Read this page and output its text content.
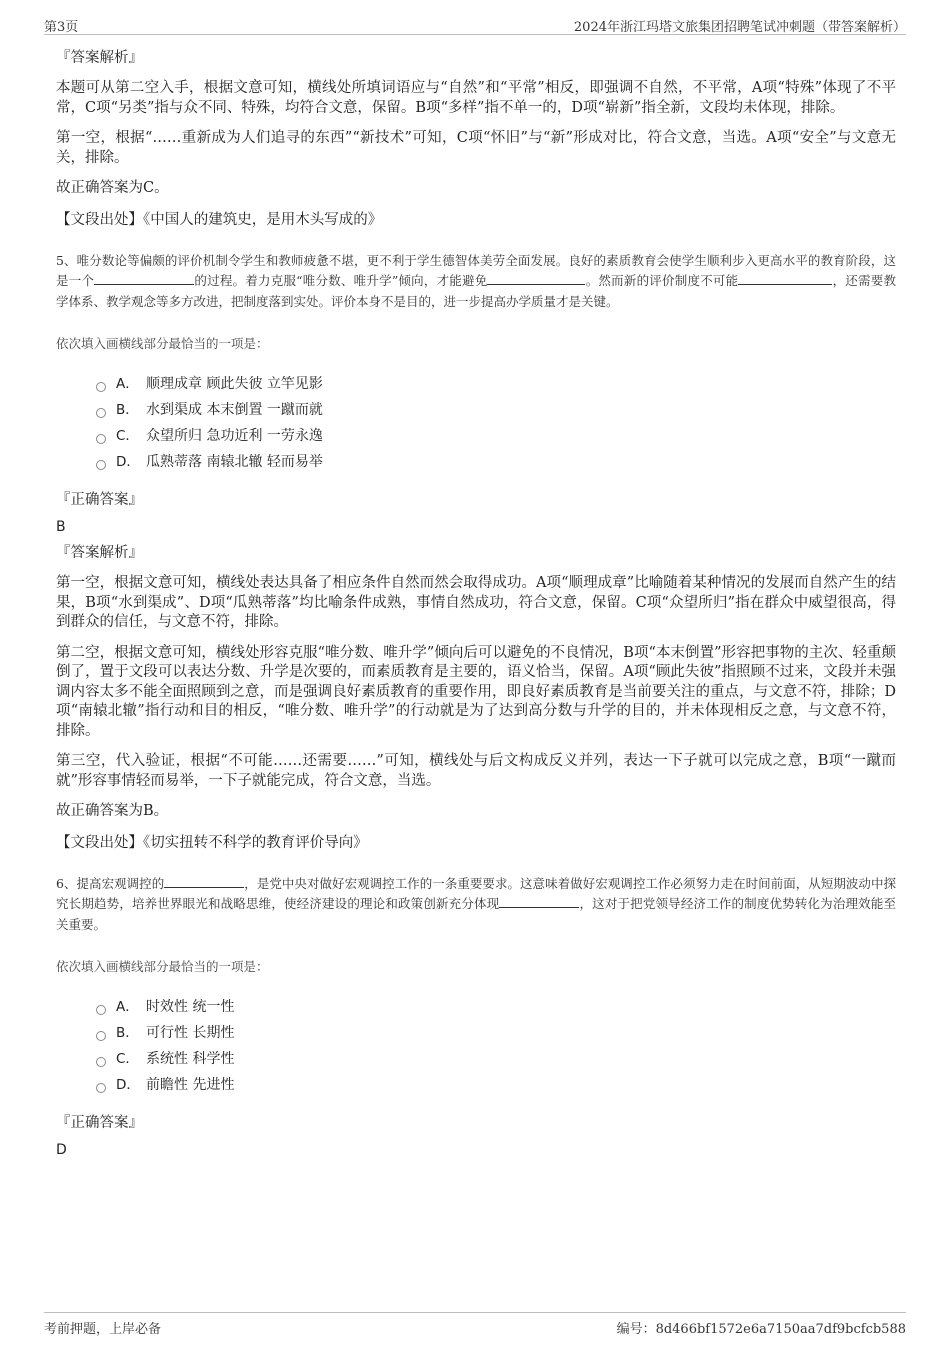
第3页	2024年浙江玛塔文旅集团招聘笔试冲刺题（带答案解析）
『答案解析』

本题可从第二空入手，根据文意可知，横线处所填词语应与“自然”和“平常”相反，即强调不自然，不平常，A项“特殊”体现了不平常，C项“另类”指与众不同、特殊，均符合文意，保留。B项“多样”指不单一的，D项“崭新”指全新，文段均未体现，排除。

第一空，根据“……重新成为人们追寻的东西”“新技术”可知，C项“怀旧”与“新”形成对比，符合文意，当选。A项“安全”与文意无关，排除。

故正确答案为C。

【文段出处】《中国人的建筑史，是用木头写成的》
5、唯分数论等偏颇的评价机制令学生和教师疲惫不堪，更不利于学生德智体美劳全面发展。良好的素质教育会使学生顺利步入更高水平的教育阶段，这是一个	的过程。着力克服“唯分数、唯升学”倾向，才能避免	。然而新的评价制度不可能	，还需要教学体系、教学观念等多方改进，把制度落到实处。评价本身不是目的，进一步提高办学质量才是关键。
依次填入画横线部分最恰当的一项是：
A． 顺理成章 顾此失彼 立竿见影
B． 水到渠成 本末倒置 一蹴而就
C． 众望所归 急功近利 一劳永逸
D． 瓜熟蒂落 南辕北辙 轻而易举
『正确答案』
B
『答案解析』

第一空，根据文意可知，横线处表达具备了相应条件自然而然会取得成功。A项“顺理成章”比喻随着某种情况的发展而自然产生的结果，B项“水到渠成”、D项“瓜熟蒂落”均比喻条件成熟，事情自然成功，符合文意，保留。C项“众望所归”指在群众中威望很高，得到群众的信任，与文意不符，排除。

第二空，根据文意可知，横线处形容克服“唯分数、唯升学”倾向后可以避免的不良情况，B项“本末倒置”形容把事物的主次、轻重颠倒了，置于文段可以表达分数、升学是次要的，而素质教育是主要的，语义恰当，保留。A项“顾此失彼”指照顾不过来，文段并未强调内容太多不能全面照顾到之意，而是强调良好素质教育的重要作用，即良好素质教育是当前要关注的重点，与文意不符，排除；D项“南辕北辙”指行动和目的相反，“唯分数、唯升学”的行动就是为了达到高分数与升学的目的，并未体现相反之意，与文意不符，排除。

第三空，代入验证，根据“不可能……还需要……”可知，横线处与后文构成反义并列，表达一下子就可以完成之意，B项“一蹴而就”形容事情轻而易举，一下子就能完成，符合文意，当选。

故正确答案为B。

【文段出处】《切实扭转不科学的教育评价导向》
6、提高宏观调控的	，是党中央对做好宏观调控工作的一条重要要求。这意味着做好宏观调控工作必须努力走在时间前面，从短期波动中探究长期趋势，培养世界眼光和战略思维，使经济建设的理论和政策创新充分体现	，这对于把党领导经济工作的制度优势转化为治理效能至关重要。
依次填入画横线部分最恰当的一项是：
A． 时效性 统一性
B． 可行性 长期性
C． 系统性 科学性
D． 前瞻性 先进性
『正确答案』
D
考前押题，上岸必备	编号：8d466bf1572e6a7150aa7df9bcfcb588
